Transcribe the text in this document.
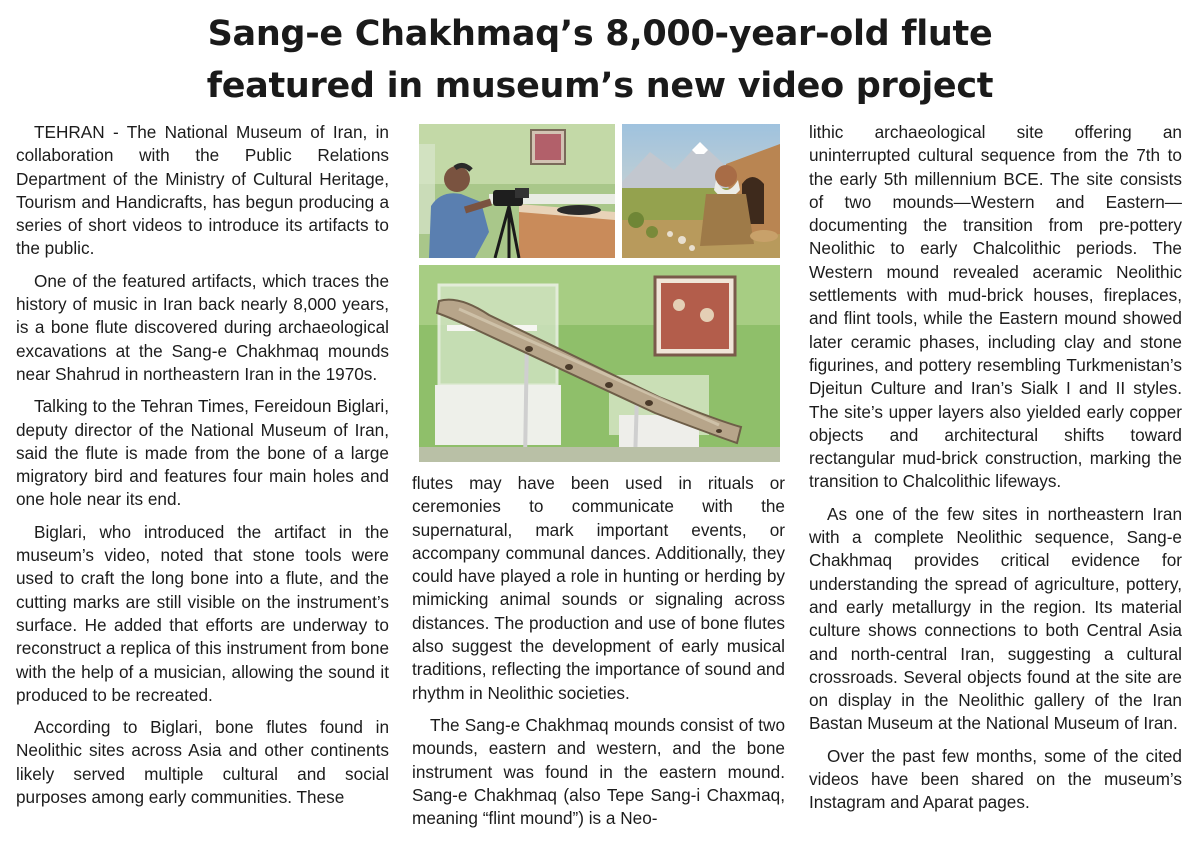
Sang-e Chakhmaq’s 8,000-year-old flute
featured in museum’s new video project

TEHRAN - The National Museum of Iran, in collaboration with the Public Relations Department of the Ministry of Cultural Heritage, Tourism and Handicrafts, has begun producing a series of short videos to introduce its artifacts to the public.

One of the featured artifacts, which traces the history of music in Iran back nearly 8,000 years, is a bone flute discovered during archaeological excavations at the Sang-e Chakhmaq mounds near Shahrud in northeastern Iran in the 1970s.

Talking to the Tehran Times, Fereidoun Biglari, deputy director of the National Museum of Iran, said the flute is made from the bone of a large migratory bird and features four main holes and one hole near its end.

Biglari, who introduced the artifact in the museum’s video, noted that stone tools were used to craft the long bone into a flute, and the cutting marks are still visible on the instrument’s surface. He added that efforts are underway to reconstruct a replica of this instrument from bone with the help of a musician, allowing the sound it produced to be recreated.

According to Biglari, bone flutes found in Neolithic sites across Asia and other continents likely served multiple cultural and social purposes among early communities. These

flutes may have been used in rituals or ceremonies to communicate with the supernatural, mark important events, or accompany communal dances. Additionally, they could have played a role in hunting or herding by mimicking animal sounds or signaling across distances. The production and use of bone flutes also suggest the development of early musical traditions, reflecting the importance of sound and rhythm in Neolithic societies.

The Sang-e Chakhmaq mounds consist of two mounds, eastern and western, and the bone instrument was found in the eastern mound. Sang-e Chakhmaq (also Tepe Sang-i Chaxmaq, meaning “flint mound”) is a Neo-

lithic archaeological site offering an uninterrupted cultural sequence from the 7th to the early 5th millennium BCE. The site consists of two mounds—Western and Eastern—documenting the transition from pre-pottery Neolithic to early Chalcolithic periods. The Western mound revealed aceramic Neolithic settlements with mud-brick houses, fireplaces, and flint tools, while the Eastern mound showed later ceramic phases, including clay and stone figurines, and pottery resembling Turkmenistan’s Djeitun Culture and Iran’s Sialk I and II styles. The site’s upper layers also yielded early copper objects and architectural shifts toward rectangular mud-brick construction, marking the transition to Chalcolithic lifeways.

As one of the few sites in northeastern Iran with a complete Neolithic sequence, Sang-e Chakhmaq provides critical evidence for understanding the spread of agriculture, pottery, and early metallurgy in the region. Its material culture shows connections to both Central Asia and north-central Iran, suggesting a cultural crossroads. Several objects found at the site are on display in the Neolithic gallery of the Iran Bastan Museum at the National Museum of Iran.

Over the past few months, some of the cited videos have been shared on the museum’s Instagram and Aparat pages.
